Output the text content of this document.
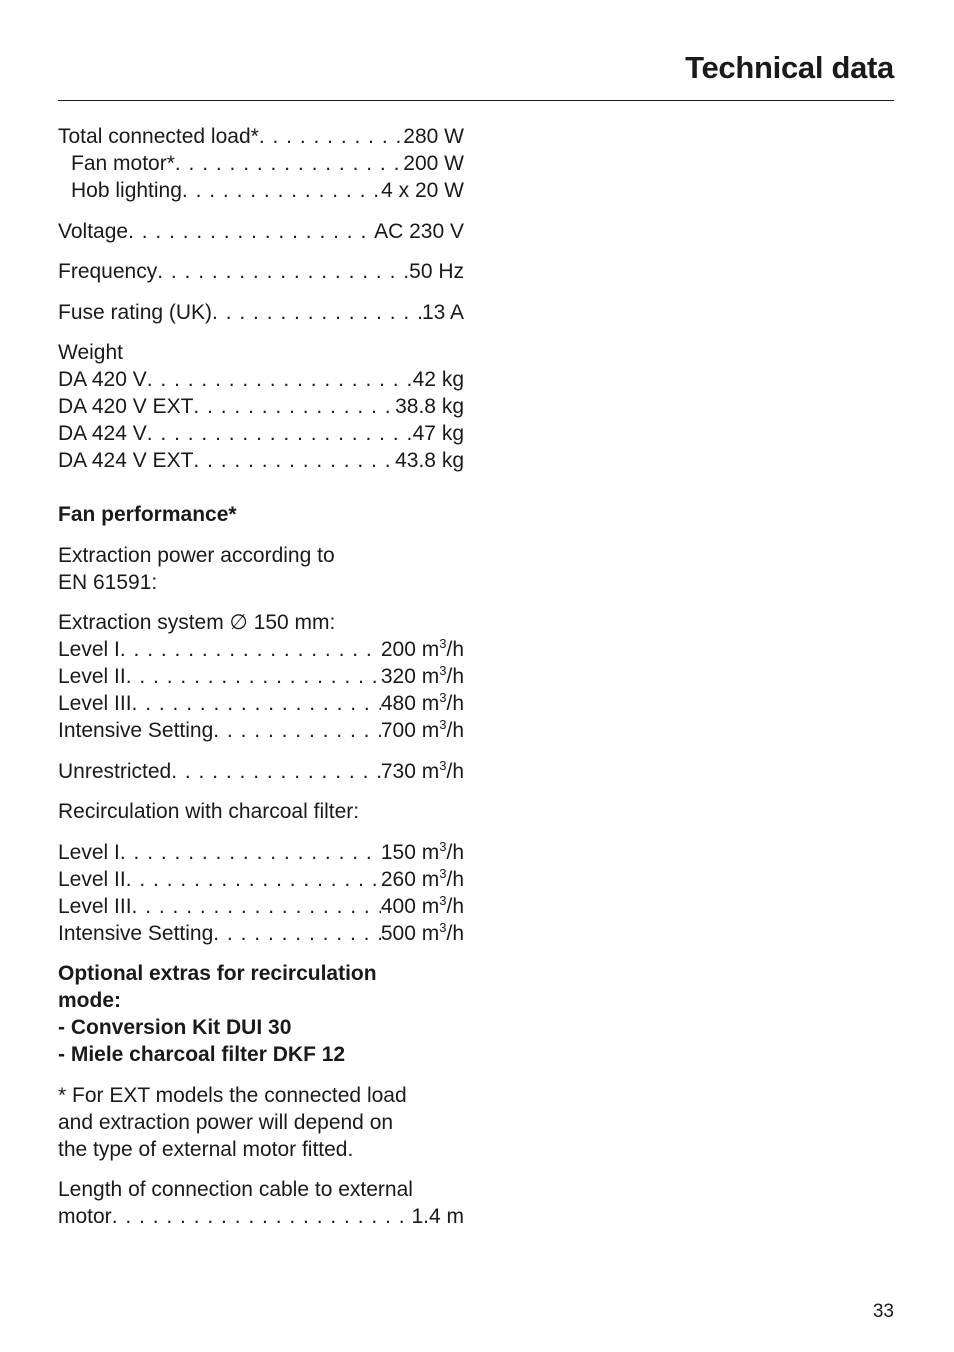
Technical data
Total connected load* . . .	280 W
Fan motor* . . .	200 W
Hob lighting . . .	4 x 20 W
Voltage . . .	AC 230 V
Frequency . . .	50 Hz
Fuse rating (UK) . . .	13 A
Weight
DA 420 V . . .	42 kg
DA 420 V EXT . . .	38.8 kg
DA 424 V . . .	47 kg
DA 424 V EXT . . .	43.8 kg
Fan performance*
Extraction power according to
EN 61591:
Extraction system ∅ 150 mm:
Level I . . .	200 $m^3/h$
Level II . . .	320 $m^3/h$
Level III . . .	480 $m^3/h$
Intensive Setting . . .	700 $m^3/h$
Unrestricted . . .	730 $m^3/h$
Recirculation with charcoal filter:
Level I . . .	150 $m^3/h$
Level II . . .	260 $m^3/h$
Level III . . .	400 $m^3/h$
Intensive Setting . . .	500 $m^3/h$
Optional extras for recirculation
mode:
- Conversion Kit DUI 30
- Miele charcoal filter DKF 12
* For EXT models the connected load
and extraction power will depend on
the type of external motor fitted.
Length of connection cable to external
motor . . .	1.4 m
33
